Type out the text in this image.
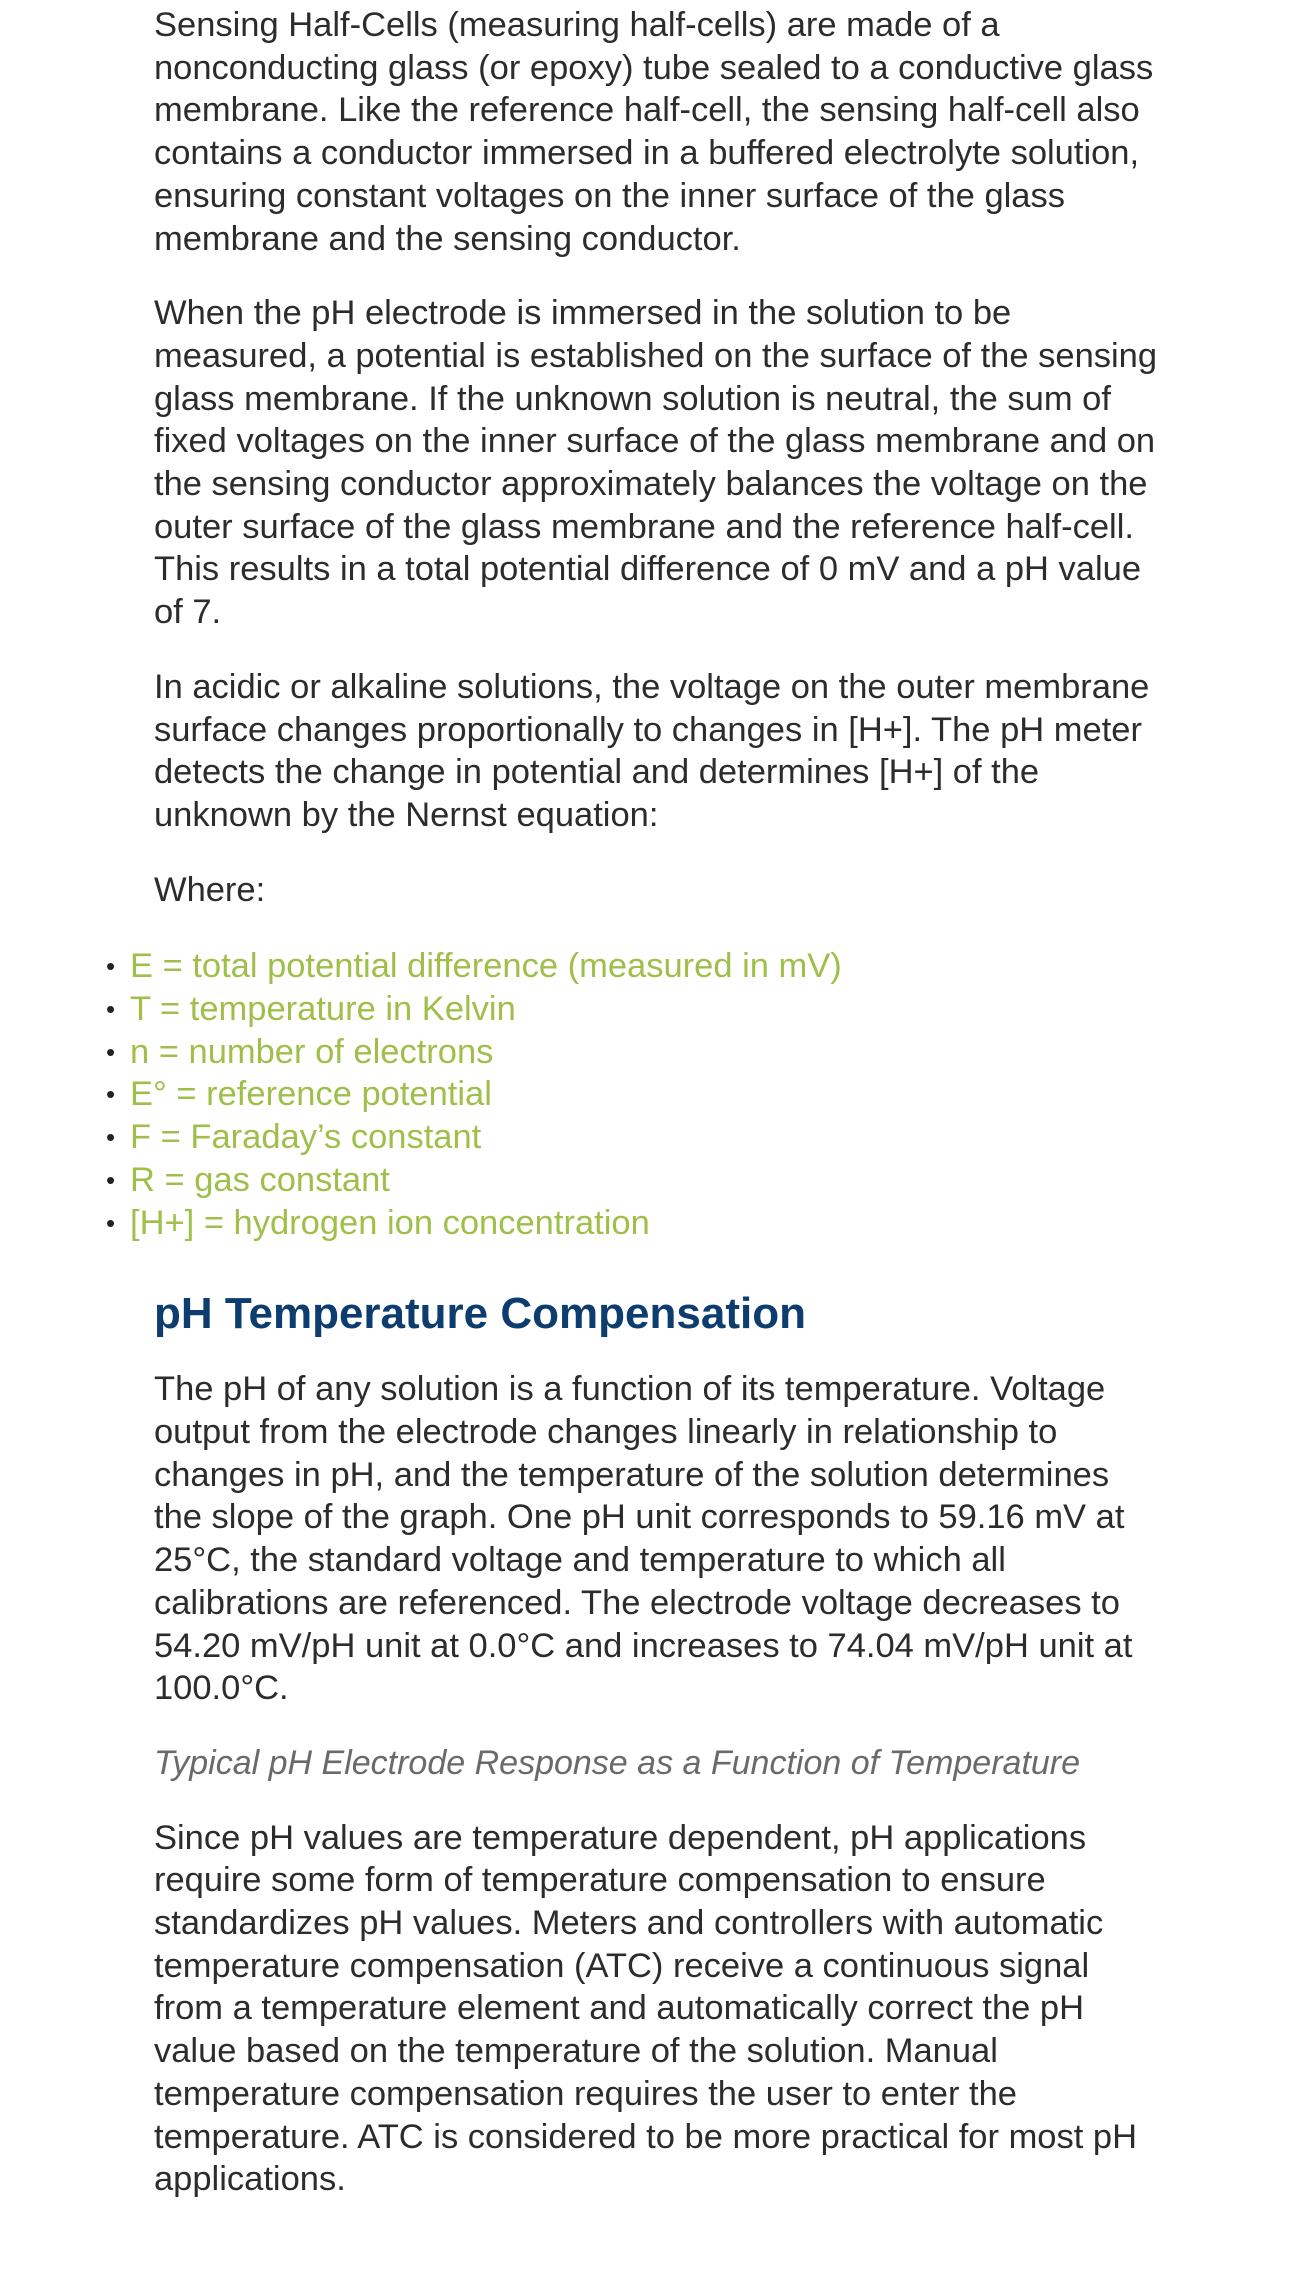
Sensing Half-Cells (measuring half-cells) are made of a nonconducting glass (or epoxy) tube sealed to a conductive glass membrane. Like the reference half-cell, the sensing half-cell also contains a conductor immersed in a buffered electrolyte solution, ensuring constant voltages on the inner surface of the glass membrane and the sensing conductor.

When the pH electrode is immersed in the solution to be measured, a potential is established on the surface of the sensing glass membrane. If the unknown solution is neutral, the sum of fixed voltages on the inner surface of the glass membrane and on the sensing conductor approximately balances the voltage on the outer surface of the glass membrane and the reference half-cell. This results in a total potential difference of 0 mV and a pH value of 7.

In acidic or alkaline solutions, the voltage on the outer membrane surface changes proportionally to changes in [H+]. The pH meter detects the change in potential and determines [H+] of the unknown by the Nernst equation:

Where:

• E = total potential difference (measured in mV)
• T = temperature in Kelvin
• n = number of electrons
• E° = reference potential
• F = Faraday’s constant
• R = gas constant
• [H+] = hydrogen ion concentration
pH Temperature Compensation

The pH of any solution is a function of its temperature. Voltage output from the electrode changes linearly in relationship to changes in pH, and the temperature of the solution determines the slope of the graph. One pH unit corresponds to 59.16 mV at 25°C, the standard voltage and temperature to which all calibrations are referenced. The electrode voltage decreases to 54.20 mV/pH unit at 0.0°C and increases to 74.04 mV/pH unit at 100.0°C.

Typical pH Electrode Response as a Function of Temperature

Since pH values are temperature dependent, pH applications require some form of temperature compensation to ensure standardizes pH values. Meters and controllers with automatic temperature compensation (ATC) receive a continuous signal from a temperature element and automatically correct the pH value based on the temperature of the solution. Manual temperature compensation requires the user to enter the temperature. ATC is considered to be more practical for most pH applications.
